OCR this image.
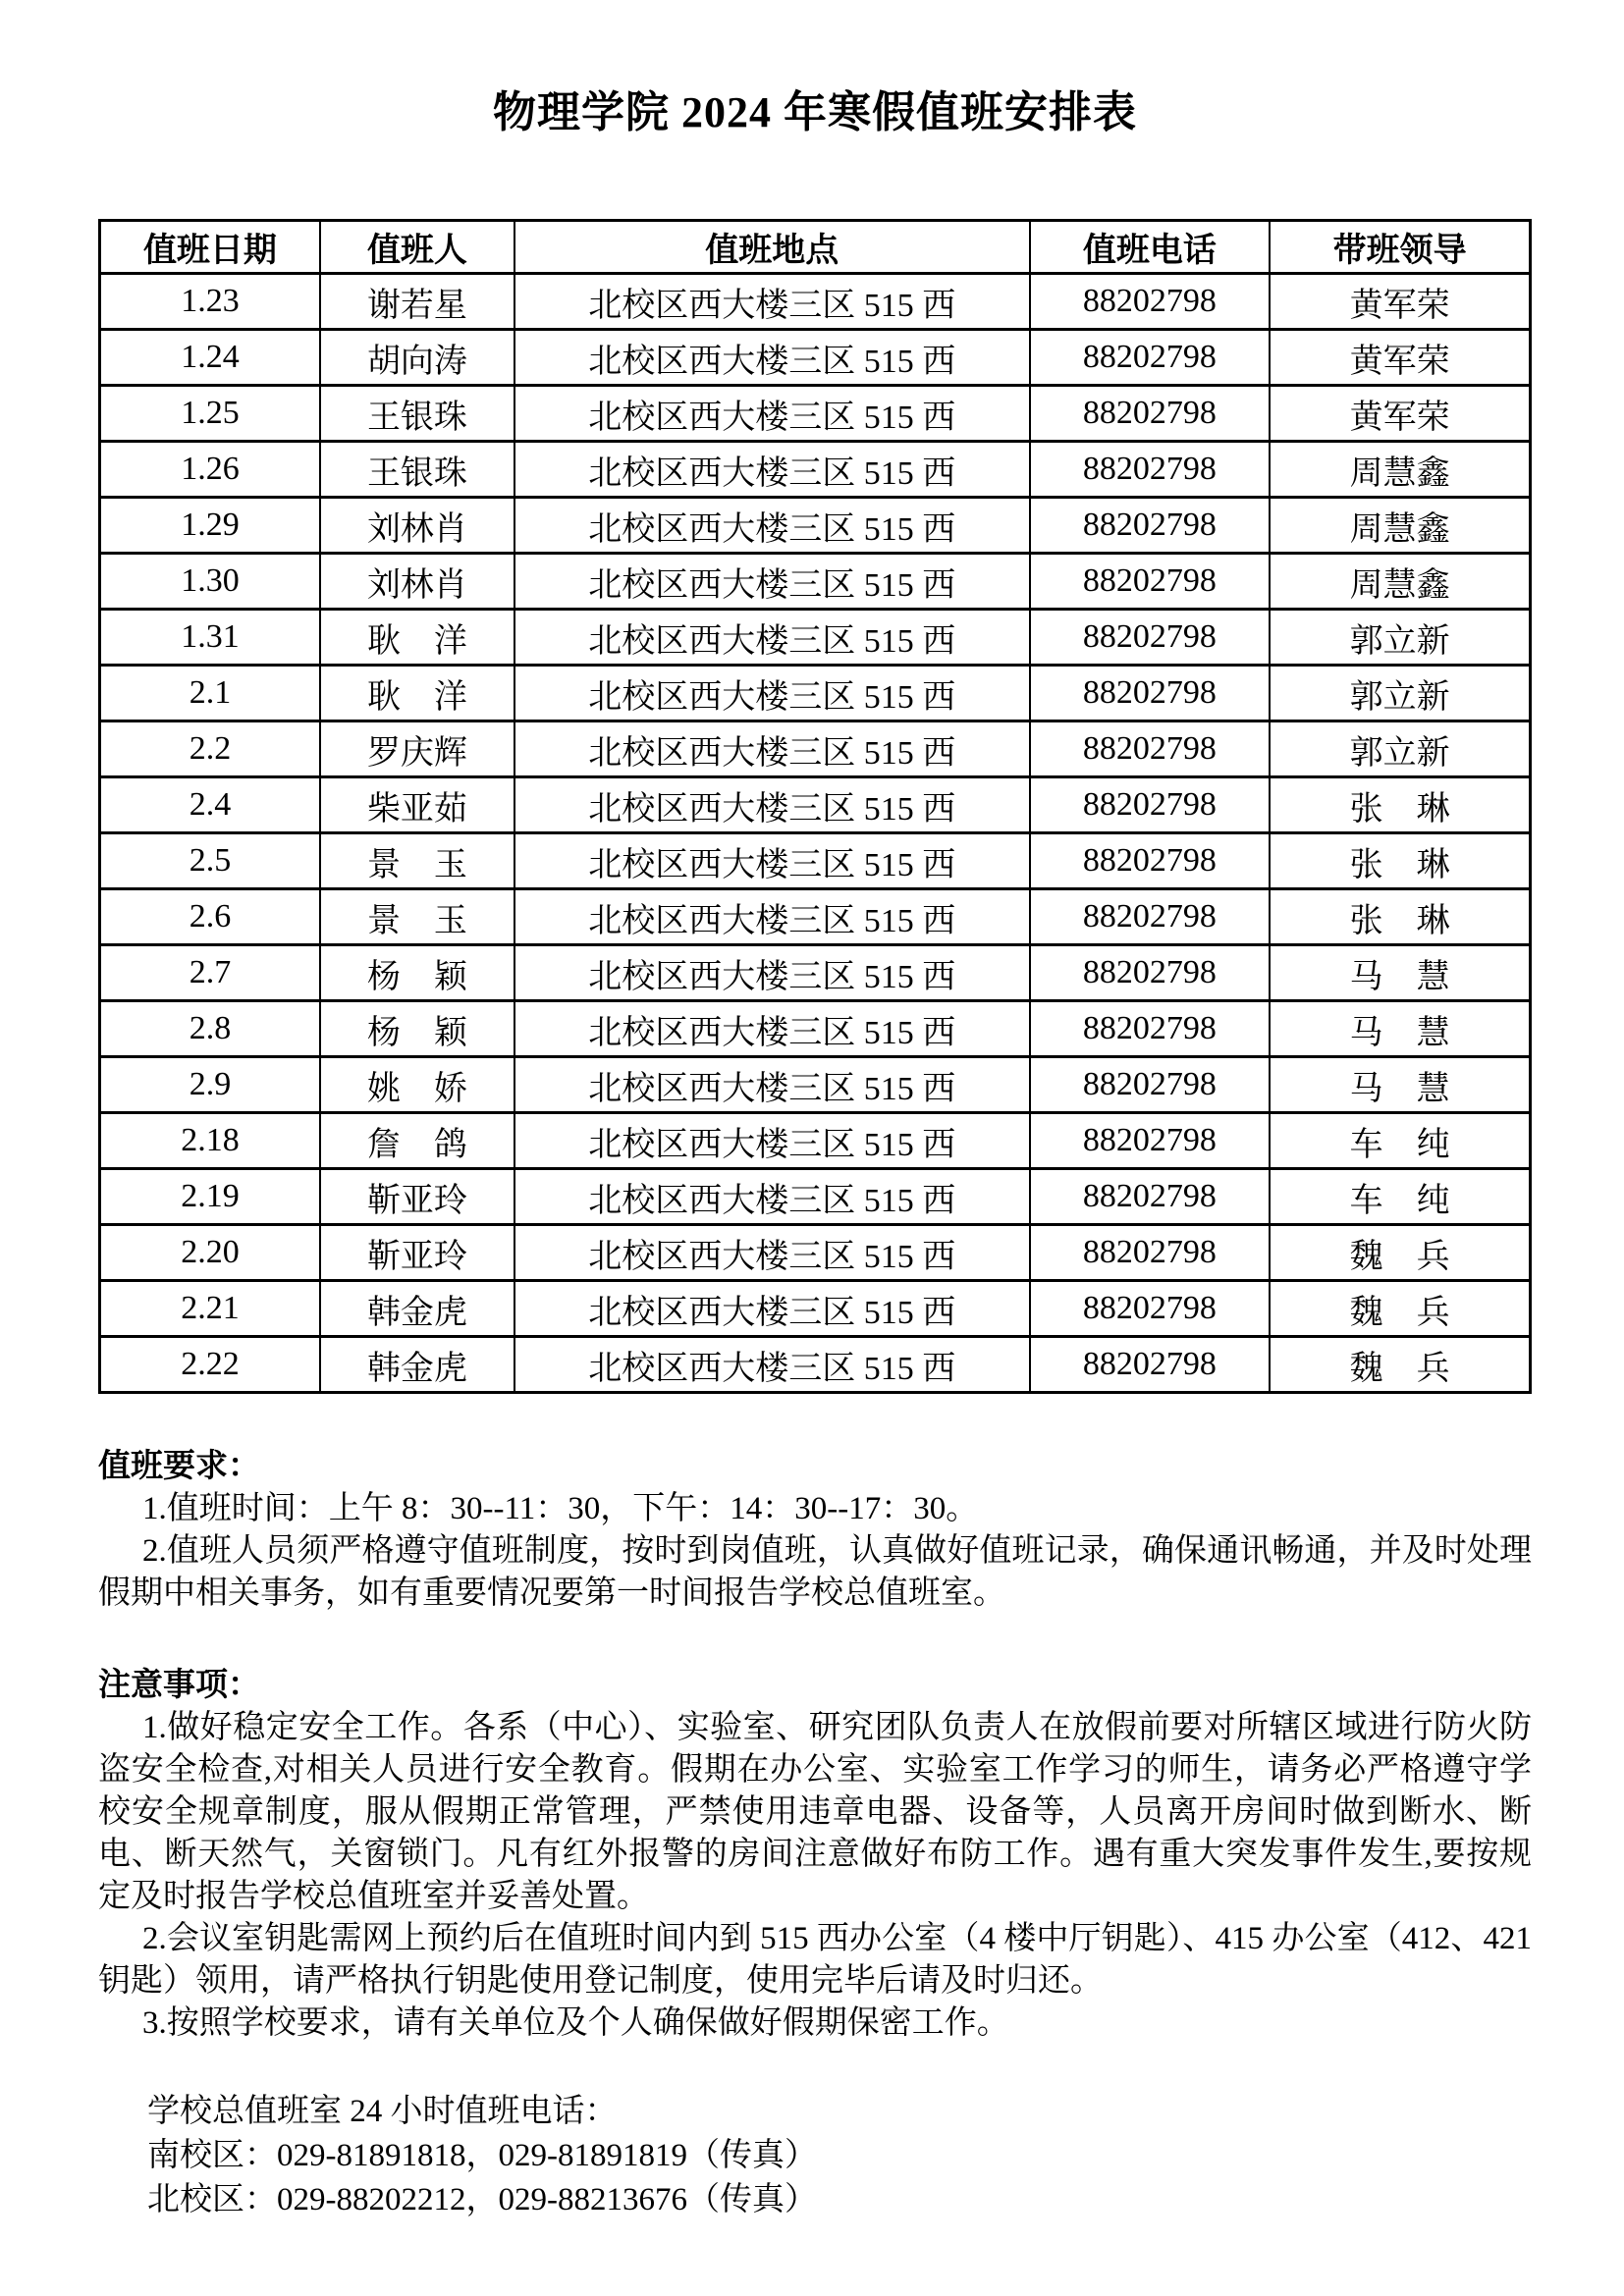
物理学院 2024 年寒假值班安排表
值班日期	值班人	值班地点	值班电话	带班领导
1.23	谢若星	北校区西大楼三区 515 西	88202798	黄军荣
1.24	胡向涛	北校区西大楼三区 515 西	88202798	黄军荣
1.25	王银珠	北校区西大楼三区 515 西	88202798	黄军荣
1.26	王银珠	北校区西大楼三区 515 西	88202798	周慧鑫
1.29	刘林肖	北校区西大楼三区 515 西	88202798	周慧鑫
1.30	刘林肖	北校区西大楼三区 515 西	88202798	周慧鑫
1.31	耿　洋	北校区西大楼三区 515 西	88202798	郭立新
2.1	耿　洋	北校区西大楼三区 515 西	88202798	郭立新
2.2	罗庆辉	北校区西大楼三区 515 西	88202798	郭立新
2.4	柴亚茹	北校区西大楼三区 515 西	88202798	张　琳
2.5	景　玉	北校区西大楼三区 515 西	88202798	张　琳
2.6	景　玉	北校区西大楼三区 515 西	88202798	张　琳
2.7	杨　颖	北校区西大楼三区 515 西	88202798	马　慧
2.8	杨　颖	北校区西大楼三区 515 西	88202798	马　慧
2.9	姚　娇	北校区西大楼三区 515 西	88202798	马　慧
2.18	詹　鸽	北校区西大楼三区 515 西	88202798	车　纯
2.19	靳亚玲	北校区西大楼三区 515 西	88202798	车　纯
2.20	靳亚玲	北校区西大楼三区 515 西	88202798	魏　兵
2.21	韩金虎	北校区西大楼三区 515 西	88202798	魏　兵
2.22	韩金虎	北校区西大楼三区 515 西	88202798	魏　兵
值班要求：

1.值班时间：上午 8：30--11：30，下午：14：30--17：30。

2.值班人员须严格遵守值班制度，按时到岗值班，认真做好值班记录，确保通讯畅通，并及时处理假期中相关事务，如有重要情况要第一时间报告学校总值班室。

注意事项：

1.做好稳定安全工作。各系（中心）、实验室、研究团队负责人在放假前要对所辖区域进行防火防盗安全检查,对相关人员进行安全教育。假期在办公室、实验室工作学习的师生，请务必严格遵守学校安全规章制度，服从假期正常管理，严禁使用违章电器、设备等，人员离开房间时做到断水、断电、断天然气，关窗锁门。凡有红外报警的房间注意做好布防工作。遇有重大突发事件发生,要按规定及时报告学校总值班室并妥善处置。

2.会议室钥匙需网上预约后在值班时间内到 515 西办公室（4 楼中厅钥匙）、415 办公室（412、421 钥匙）领用，请严格执行钥匙使用登记制度，使用完毕后请及时归还。

3.按照学校要求，请有关单位及个人确保做好假期保密工作。

学校总值班室 24 小时值班电话：

南校区：029-81891818，029-81891819（传真）

北校区：029-88202212，029-88213676（传真）
